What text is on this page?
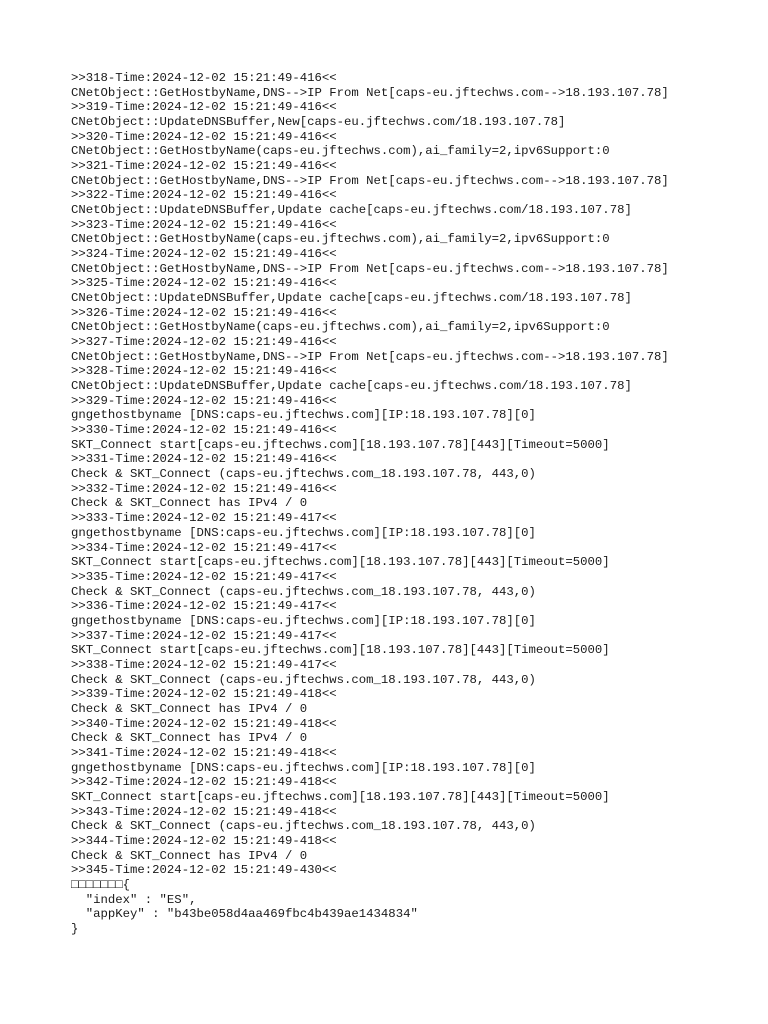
>>318-Time:2024-12-02 15:21:49-416<<
CNetObject::GetHostbyName,DNS-->IP From Net[caps-eu.jftechws.com-->18.193.107.78]
>>319-Time:2024-12-02 15:21:49-416<<
CNetObject::UpdateDNSBuffer,New[caps-eu.jftechws.com/18.193.107.78]
>>320-Time:2024-12-02 15:21:49-416<<
CNetObject::GetHostbyName(caps-eu.jftechws.com),ai_family=2,ipv6Support:0
>>321-Time:2024-12-02 15:21:49-416<<
CNetObject::GetHostbyName,DNS-->IP From Net[caps-eu.jftechws.com-->18.193.107.78]
>>322-Time:2024-12-02 15:21:49-416<<
CNetObject::UpdateDNSBuffer,Update cache[caps-eu.jftechws.com/18.193.107.78]
>>323-Time:2024-12-02 15:21:49-416<<
CNetObject::GetHostbyName(caps-eu.jftechws.com),ai_family=2,ipv6Support:0
>>324-Time:2024-12-02 15:21:49-416<<
CNetObject::GetHostbyName,DNS-->IP From Net[caps-eu.jftechws.com-->18.193.107.78]
>>325-Time:2024-12-02 15:21:49-416<<
CNetObject::UpdateDNSBuffer,Update cache[caps-eu.jftechws.com/18.193.107.78]
>>326-Time:2024-12-02 15:21:49-416<<
CNetObject::GetHostbyName(caps-eu.jftechws.com),ai_family=2,ipv6Support:0
>>327-Time:2024-12-02 15:21:49-416<<
CNetObject::GetHostbyName,DNS-->IP From Net[caps-eu.jftechws.com-->18.193.107.78]
>>328-Time:2024-12-02 15:21:49-416<<
CNetObject::UpdateDNSBuffer,Update cache[caps-eu.jftechws.com/18.193.107.78]
>>329-Time:2024-12-02 15:21:49-416<<
gngethostbyname [DNS:caps-eu.jftechws.com][IP:18.193.107.78][0]
>>330-Time:2024-12-02 15:21:49-416<<
SKT_Connect start[caps-eu.jftechws.com][18.193.107.78][443][Timeout=5000]
>>331-Time:2024-12-02 15:21:49-416<<
Check & SKT_Connect (caps-eu.jftechws.com_18.193.107.78, 443,0)
>>332-Time:2024-12-02 15:21:49-416<<
Check & SKT_Connect has IPv4 / 0
>>333-Time:2024-12-02 15:21:49-417<<
gngethostbyname [DNS:caps-eu.jftechws.com][IP:18.193.107.78][0]
>>334-Time:2024-12-02 15:21:49-417<<
SKT_Connect start[caps-eu.jftechws.com][18.193.107.78][443][Timeout=5000]
>>335-Time:2024-12-02 15:21:49-417<<
Check & SKT_Connect (caps-eu.jftechws.com_18.193.107.78, 443,0)
>>336-Time:2024-12-02 15:21:49-417<<
gngethostbyname [DNS:caps-eu.jftechws.com][IP:18.193.107.78][0]
>>337-Time:2024-12-02 15:21:49-417<<
SKT_Connect start[caps-eu.jftechws.com][18.193.107.78][443][Timeout=5000]
>>338-Time:2024-12-02 15:21:49-417<<
Check & SKT_Connect (caps-eu.jftechws.com_18.193.107.78, 443,0)
>>339-Time:2024-12-02 15:21:49-418<<
Check & SKT_Connect has IPv4 / 0
>>340-Time:2024-12-02 15:21:49-418<<
Check & SKT_Connect has IPv4 / 0
>>341-Time:2024-12-02 15:21:49-418<<
gngethostbyname [DNS:caps-eu.jftechws.com][IP:18.193.107.78][0]
>>342-Time:2024-12-02 15:21:49-418<<
SKT_Connect start[caps-eu.jftechws.com][18.193.107.78][443][Timeout=5000]
>>343-Time:2024-12-02 15:21:49-418<<
Check & SKT_Connect (caps-eu.jftechws.com_18.193.107.78, 443,0)
>>344-Time:2024-12-02 15:21:49-418<<
Check & SKT_Connect has IPv4 / 0
>>345-Time:2024-12-02 15:21:49-430<<
□□□□□□□{
"index" : "ES",
"appKey" : "b43be058d4aa469fbc4b439ae1434834"
}
